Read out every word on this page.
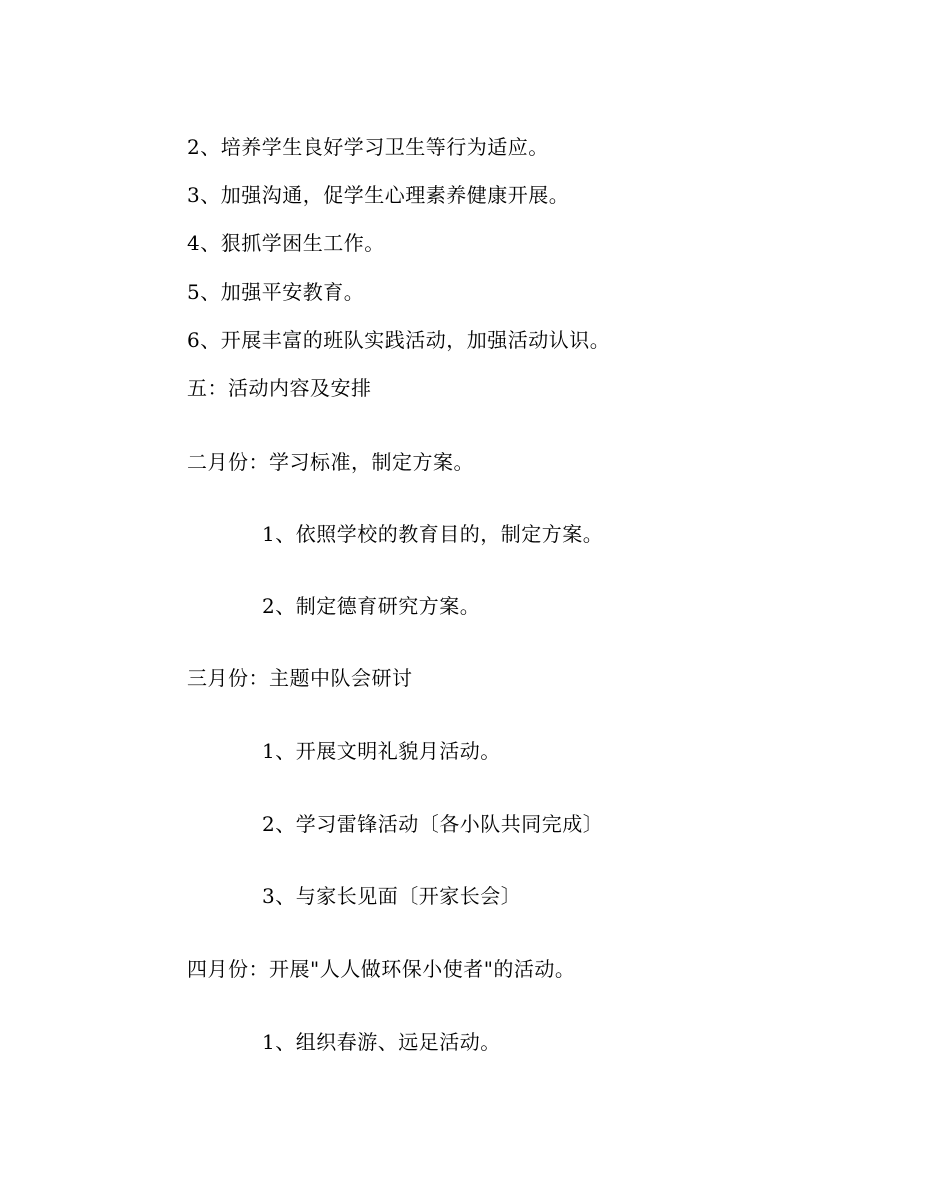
2、培养学生良好学习卫生等行为适应。
3、加强沟通，促学生心理素养健康开展。
4、狠抓学困生工作。
5、加强平安教育。
6、开展丰富的班队实践活动，加强活动认识。
五：活动内容及安排
二月份：学习标准，制定方案。
1、依照学校的教育目的，制定方案。
2、制定德育研究方案。
三月份：主题中队会研讨
1、开展文明礼貌月活动。
2、学习雷锋活动〔各小队共同完成〕
3、与家长见面〔开家长会〕
四月份：开展"人人做环保小使者"的活动。
1、组织春游、远足活动。
